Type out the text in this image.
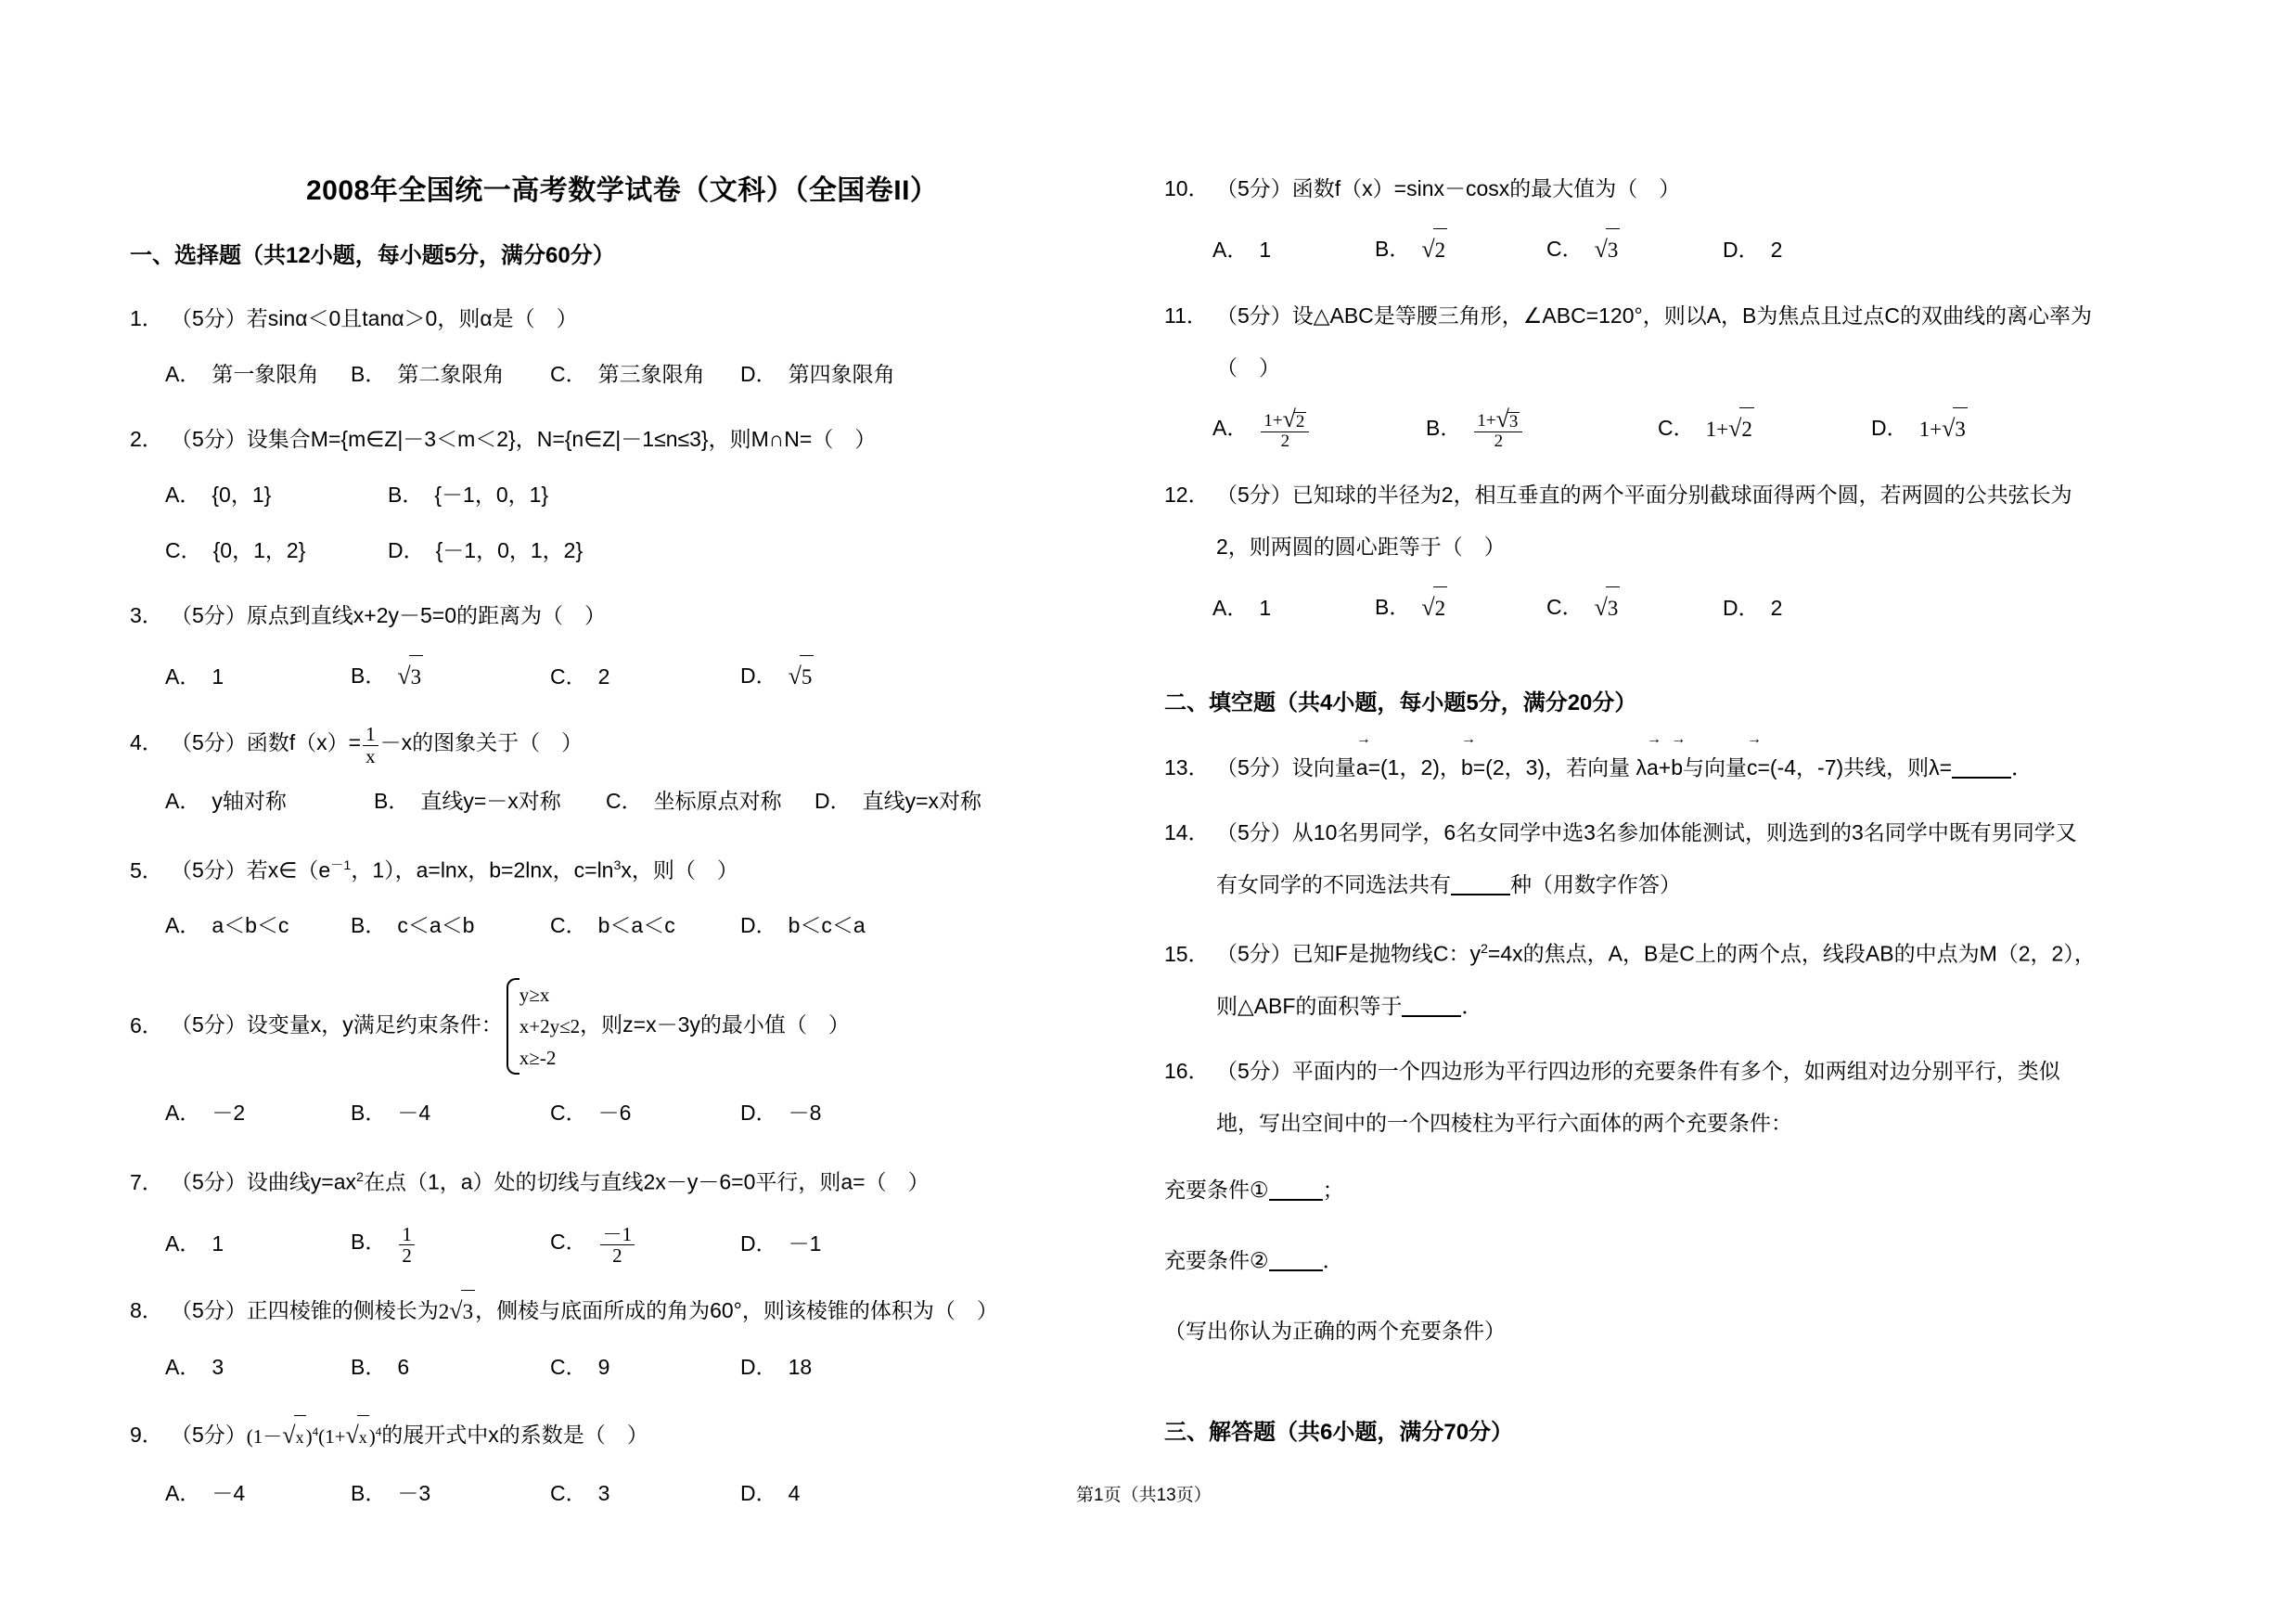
2008年全国统一高考数学试卷（文科）（全国卷II）
一、选择题（共12小题，每小题5分，满分60分）
1． （5分）若sinα＜0且tanα＞0，则α是（　）
A． 第一象限角 B． 第二象限角 C． 第三象限角 D． 第四象限角
2． （5分）设集合M={m∈Z|－3＜m＜2}，N={n∈Z|－1≤n≤3}，则M∩N=（　）
A． {0，1}	B． {－1，0，1}
C． {0，1，2}	D． {－1，0，1，2}
3． （5分）原点到直线x+2y－5=0的距离为（　）
A． 1	B． √3	C． 2	D． √5
4． （5分）函数$f(x)= \frac{1}{x} -x$的图象关于（　）
A． y轴对称	B． 直线y=－x对称 C． 坐标原点对称 D． 直线y=x对称
5． （5分）若$x\in(e^{-1}$，1），a=lnx，b=2lnx，$c=\ln^3x$，则（　）
A． a＜b＜c	B． c＜a＜b	C． b＜a＜c	D． b＜c＜a
6． （5分）设变量x，y满足约束条件：
y≥x
x+2y≤2
x≥-2
，则z=x－3y的最小值（　）
A． －2	B． －4	C． －6	D． －8
7． （5分）设曲线$y=ax^2$在点（1，a）处的切线与直线2x－y－6=0平行，则a=（　）
A． 1	B． $\frac{1}{2}$	C． $\frac{-1}{2}$	D． －1
8． （5分）正四棱锥的侧棱长为2√3，侧棱与底面所成的角为60°，则该棱锥的体积为（　）
A． 3	B． 6	C． 9	D． 18
9． （5分）$(1-√x)^4(1+√x)^4$的展开式中x的系数是（　）
A． －4	B． －3	C． 3	D． 4
10． （5分）函数f（x）=sinx－cosx的最大值为（　）
A． 1	B． √2	C． √3	D． 2
11． （5分）设△ABC是等腰三角形，∠ABC=120°，则以A，B为焦点且过点C的双曲线的离心率为
（　）
A． $\frac{1+√2}{2}$	B． $\frac{1+√3}{2}$	C． 1+√2	D． 1+√3
12． （5分）已知球的半径为2，相互垂直的两个平面分别截球面得两个圆，若两圆的公共弦长为
2，则两圆的圆心距等于（　）
A． 1	B． √2	C． √3	D． 2
二、填空题（共4小题，每小题5分，满分20分）
13． （5分）设向量
→
a=(1，2)，
→
b=(2，3)，若向量 λ
→
a+
→
b与向量
→
c=(-4，-7)共线，则λ=	．
14． （5分）从10名男同学，6名女同学中选3名参加体能测试，则选到的3名同学中既有男同学又
有女同学的不同选法共有	种（用数字作答）
15． （5分）已知F是抛物线C：$y^2=4x$的焦点，A，B是C上的两个点，线段AB的中点为M（2，2），
则△ABF的面积等于	．
16． （5分）平面内的一个四边形为平行四边形的充要条件有多个，如两组对边分别平行，类似
地，写出空间中的一个四棱柱为平行六面体的两个充要条件：
充要条件①	；
充要条件②	．
（写出你认为正确的两个充要条件）
三、解答题（共6小题，满分70分）
第1页（共13页）
